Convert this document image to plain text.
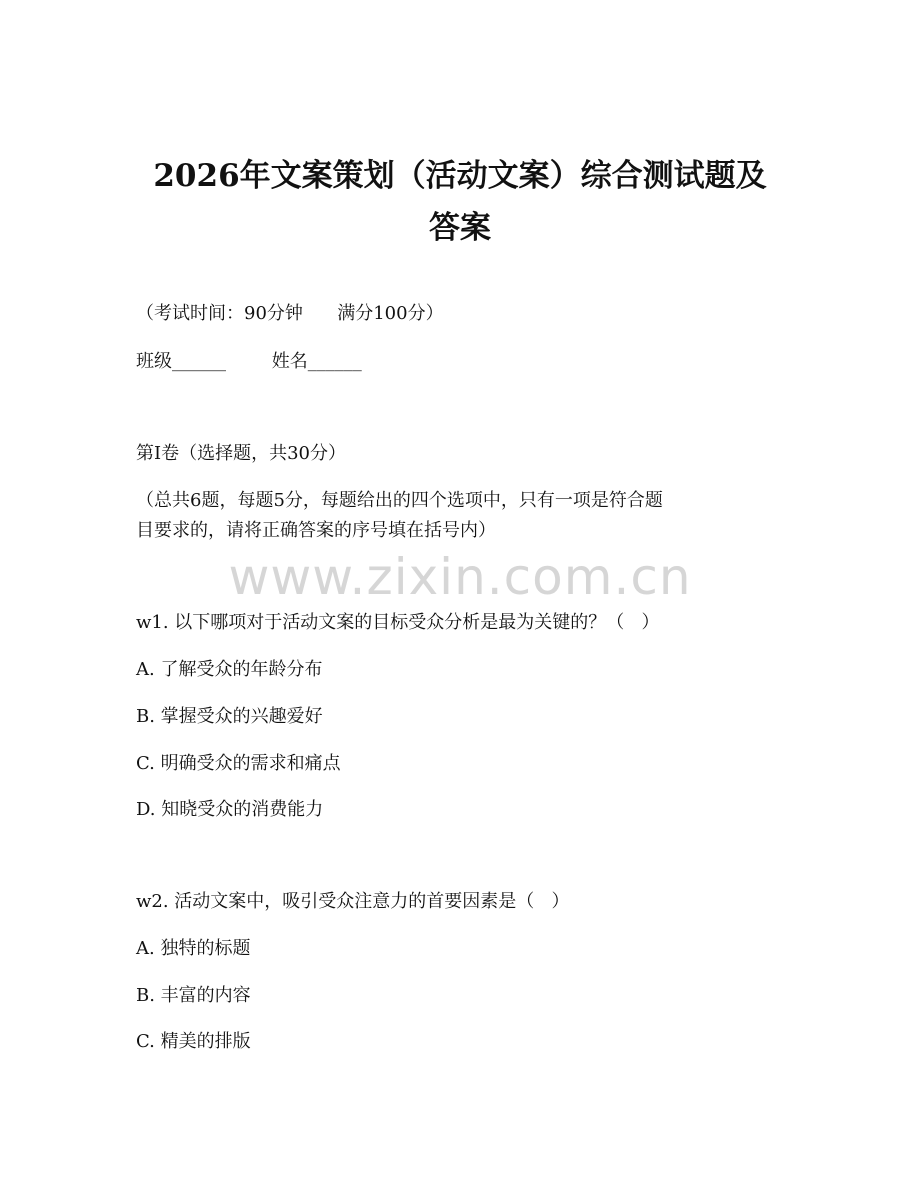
2026年文案策划（活动文案）综合测试题及
答案
（考试时间：90分钟      满分100分）
班级______        姓名______
第Ⅰ卷（选择题，共30分）
（总共6题，每题5分，每题给出的四个选项中，只有一项是符合题
目要求的，请将正确答案的序号填在括号内）
www.zixin.com.cn
w1. 以下哪项对于活动文案的目标受众分析是最为关键的？（   ）
A. 了解受众的年龄分布
B. 掌握受众的兴趣爱好
C. 明确受众的需求和痛点
D. 知晓受众的消费能力
w2. 活动文案中，吸引受众注意力的首要因素是（   ）
A. 独特的标题
B. 丰富的内容
C. 精美的排版
